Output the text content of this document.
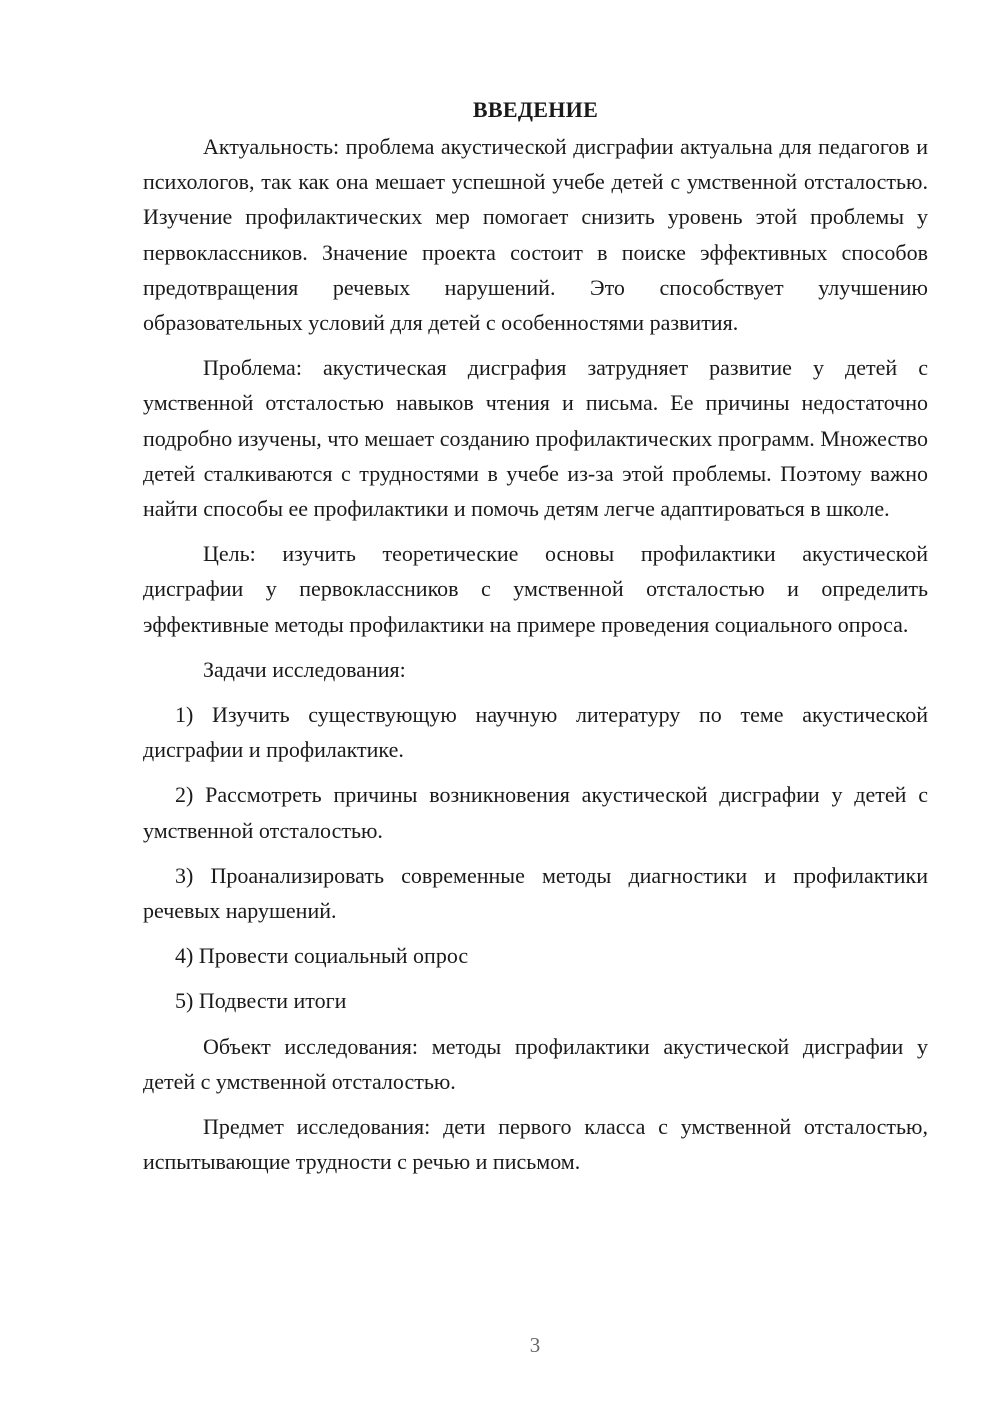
ВВЕДЕНИЕ

Актуальность: проблема акустической дисграфии актуальна для педагогов и психологов, так как она мешает успешной учебе детей с умственной отсталостью. Изучение профилактических мер помогает снизить уровень этой проблемы у первоклассников. Значение проекта состоит в поиске эффективных способов предотвращения речевых нарушений. Это способствует улучшению образовательных условий для детей с особенностями развития.

Проблема: акустическая дисграфия затрудняет развитие у детей с умственной отсталостью навыков чтения и письма. Ее причины недостаточно подробно изучены, что мешает созданию профилактических программ. Множество детей сталкиваются с трудностями в учебе из-за этой проблемы. Поэтому важно найти способы ее профилактики и помочь детям легче адаптироваться в школе.

Цель: изучить теоретические основы профилактики акустической дисграфии у первоклассников с умственной отсталостью и определить эффективные методы профилактики на примере проведения социального опроса.

Задачи исследования:

1) Изучить существующую научную литературу по теме акустической дисграфии и профилактике.

2) Рассмотреть причины возникновения акустической дисграфии у детей с умственной отсталостью.

3) Проанализировать современные методы диагностики и профилактики речевых нарушений.

4) Провести социальный опрос

5) Подвести итоги

Объект исследования: методы профилактики акустической дисграфии у детей с умственной отсталостью.

Предмет исследования: дети первого класса с умственной отсталостью, испытывающие трудности с речью и письмом.

3
